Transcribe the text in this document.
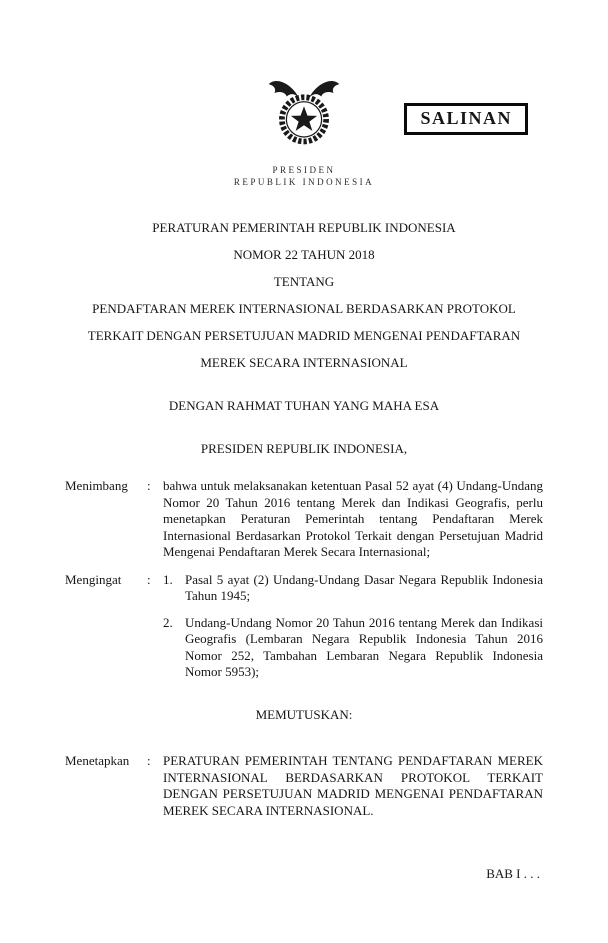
SALINAN
PRESIDEN
REPUBLIK INDONESIA

PERATURAN PEMERINTAH REPUBLIK INDONESIA

NOMOR 22 TAHUN 2018

TENTANG

PENDAFTARAN MEREK INTERNASIONAL BERDASARKAN PROTOKOL

TERKAIT DENGAN PERSETUJUAN MADRID MENGENAI PENDAFTARAN

MEREK SECARA INTERNASIONAL

DENGAN RAHMAT TUHAN YANG MAHA ESA

PRESIDEN REPUBLIK INDONESIA,

Menimbang	: bahwa untuk melaksanakan ketentuan Pasal 52 ayat (4) Undang-Undang Nomor 20 Tahun 2016 tentang Merek dan Indikasi Geografis, perlu menetapkan Peraturan Pemerintah tentang Pendaftaran Merek Internasional Berdasarkan Protokol Terkait dengan Persetujuan Madrid Mengenai Pendaftaran Merek Secara Internasional;
Mengingat	: 1. Pasal 5 ayat (2) Undang-Undang Dasar Negara Republik Indonesia Tahun 1945;
2. Undang-Undang Nomor 20 Tahun 2016 tentang Merek dan Indikasi Geografis (Lembaran Negara Republik Indonesia Tahun 2016 Nomor 252, Tambahan Lembaran Negara Republik Indonesia Nomor 5953);
MEMUTUSKAN:
Menetapkan	: PERATURAN PEMERINTAH TENTANG PENDAFTARAN MEREK INTERNASIONAL BERDASARKAN PROTOKOL TERKAIT DENGAN PERSETUJUAN MADRID MENGENAI PENDAFTARAN MEREK SECARA INTERNASIONAL.
BAB I . . .
